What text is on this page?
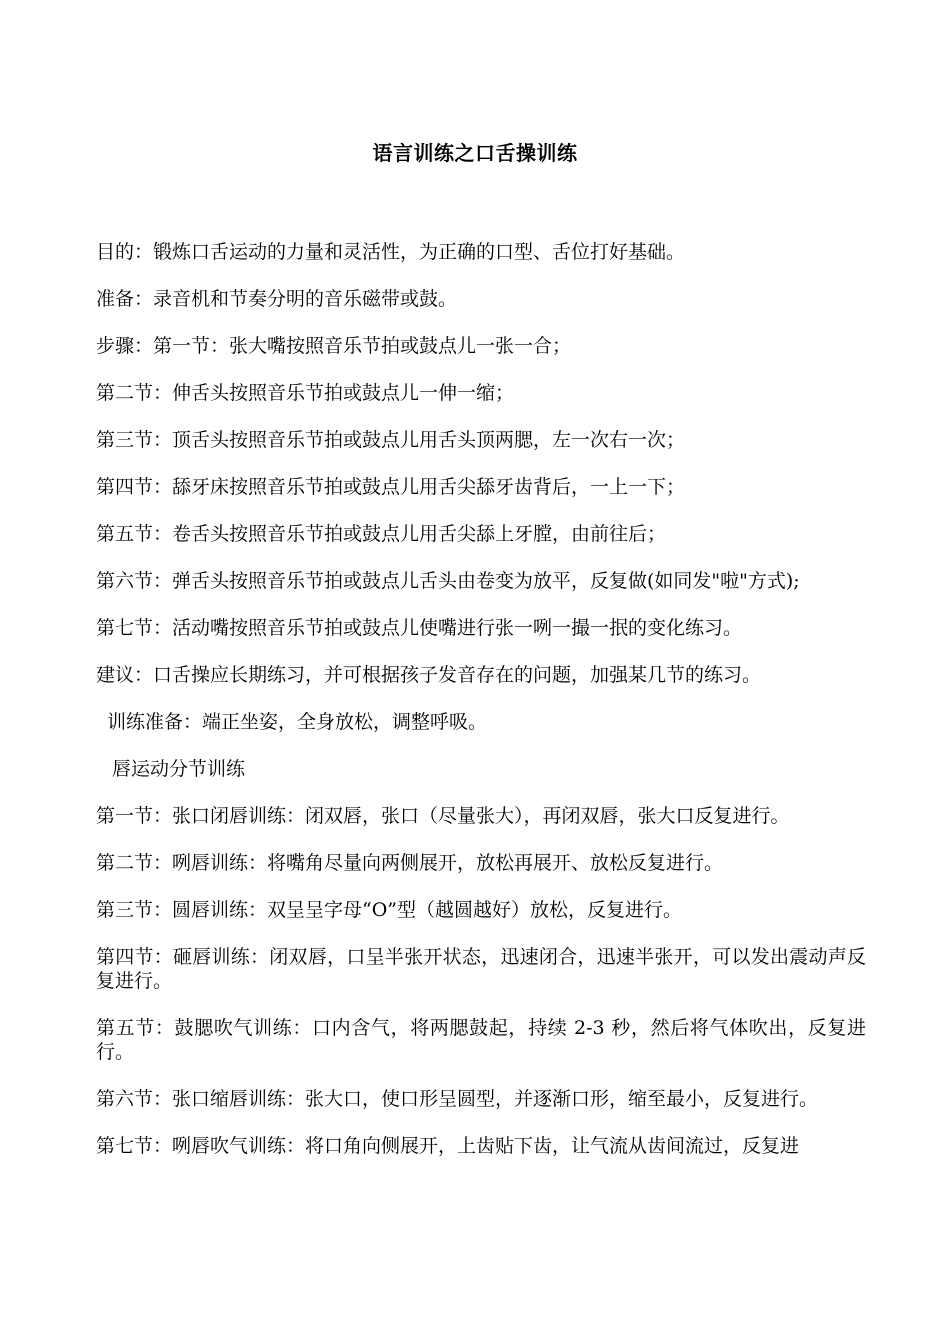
语言训练之口舌操训练

目的：锻炼口舌运动的力量和灵活性，为正确的口型、舌位打好基础。

准备：录音机和节奏分明的音乐磁带或鼓。

步骤：第一节：张大嘴按照音乐节拍或鼓点儿一张一合；

第二节：伸舌头按照音乐节拍或鼓点儿一伸一缩；

第三节：顶舌头按照音乐节拍或鼓点儿用舌头顶两腮，左一次右一次；

第四节：舔牙床按照音乐节拍或鼓点儿用舌尖舔牙齿背后，一上一下；

第五节：卷舌头按照音乐节拍或鼓点儿用舌尖舔上牙膛，由前往后；

第六节：弹舌头按照音乐节拍或鼓点儿舌头由卷变为放平，反复做(如同发"啦"方式);

第七节：活动嘴按照音乐节拍或鼓点儿使嘴进行张一咧一撮一抿的变化练习。

建议：口舌操应长期练习，并可根据孩子发音存在的问题，加强某几节的练习。

训练准备：端正坐姿，全身放松，调整呼吸。

唇运动分节训练

第一节：张口闭唇训练：闭双唇，张口（尽量张大），再闭双唇，张大口反复进行。

第二节：咧唇训练：将嘴角尽量向两侧展开，放松再展开、放松反复进行。

第三节：圆唇训练：双呈呈字母“O”型（越圆越好）放松，反复进行。

第四节：砸唇训练：闭双唇，口呈半张开状态，迅速闭合，迅速半张开，可以发出震动声反复进行。

第五节：鼓腮吹气训练：口内含气，将两腮鼓起，持续 2-3 秒，然后将气体吹出，反复进行。

第六节：张口缩唇训练：张大口，使口形呈圆型，并逐渐口形，缩至最小，反复进行。

第七节：咧唇吹气训练：将口角向侧展开，上齿贴下齿，让气流从齿间流过，反复进
